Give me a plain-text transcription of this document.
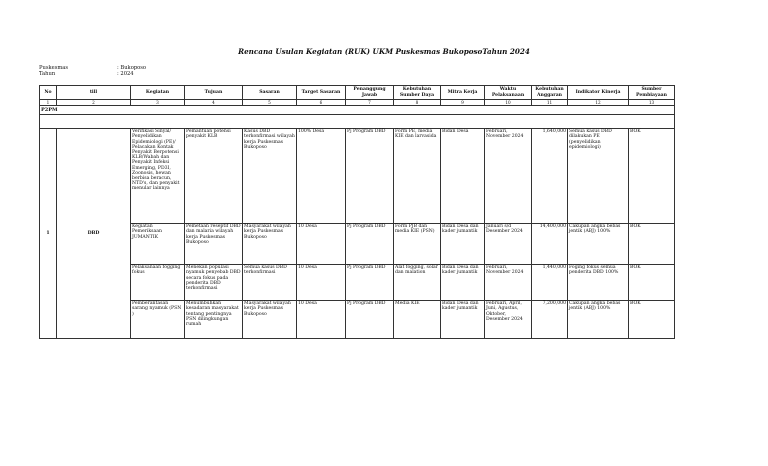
Rencana Usulan Kegiatan (RUK) UKM Puskesmas BukoposoTahun 2024
Puskesmas	: Bukoposo
Tahun	: 2024
No	till	Kegiatan	Tujuan	Sasaran	Target Sasaran	Penanggung Jawab	Kebutuhan Sumber Daya	Mitra Kerja	Waktu Pelaksanaan	Kebutuhan Anggaran	Indikator Kinerja	Sumber Pembiayaan
1	2	3	4	5	6	7	8	9	10	11	12	13
P2PM												

1	DBD	Verifikasi Sinyal/ Penyelidikan Epidemiologi (PE)/ Pelacakan Kontak Penyakit Berpotensi KLB/Wabah dan Penyakit Infeksi Emerging, PD3I, Zoonosis, hewan berbisa beracun, NTD's, dan penyakit menular lainnya	Pemantuan potensi penyakit KLB	Kasus DBD terkonfirmasi wilayah kerja Puskesmas Bukoposo	100% Desa	Pj Program DBD	Form PE, media KIE dan larvasida	Bidan Desa	Februari, November 2024	1,640,000	Semua kasus DBD dilakukan PE (penyelidikan epidemiologi)	BOK
		Kegiatan Pemeriksaan JUMANTIK	Pemetaan reseptif DBD dan malaria wilayah kerja Puskesmas Bukoposo	Masyarakat wilayah kerja Puskesmas Bukoposo	10 Desa	Pj Program DBD	Form PJB dan media KIE (PSN)	Bidan Desa dan kader jumantik	Januari s/d Desember 2024	14,400,000	Cakupan angka bebas jentik (ABJ) 100%	BOK
		Pelaksanaan fogging fokus	Menekan populasi nyamuk penyebab DBD secara fokus pada penderita DBD terkonfirmasi	Semua kasus DBD terkonfirmasi	10 Desa	Pj Program DBD	Alat fogging, solar dan malation	Bidan Desa dan kader jumantik	Februari, November 2024	1,440,000	Foging fokus semua penderita DBD 100%	BOK
		Pemberantasan sarang nyamuk (PSN )	Menumbuhkan kesadaran masyarakat tentang pentingnya PSN dilingkungan rumah	Masyarakat wilayah kerja Puskesmas Bukoposo	10 Desa	Pj Program DBD	Media KIE	Bidan Desa dan kader jumantik	Februari, April, Juni, Agustus, Oktober, Desember 2024	7,200,000	Cakupan angka bebas jentik (ABJ) 100%	BOK
